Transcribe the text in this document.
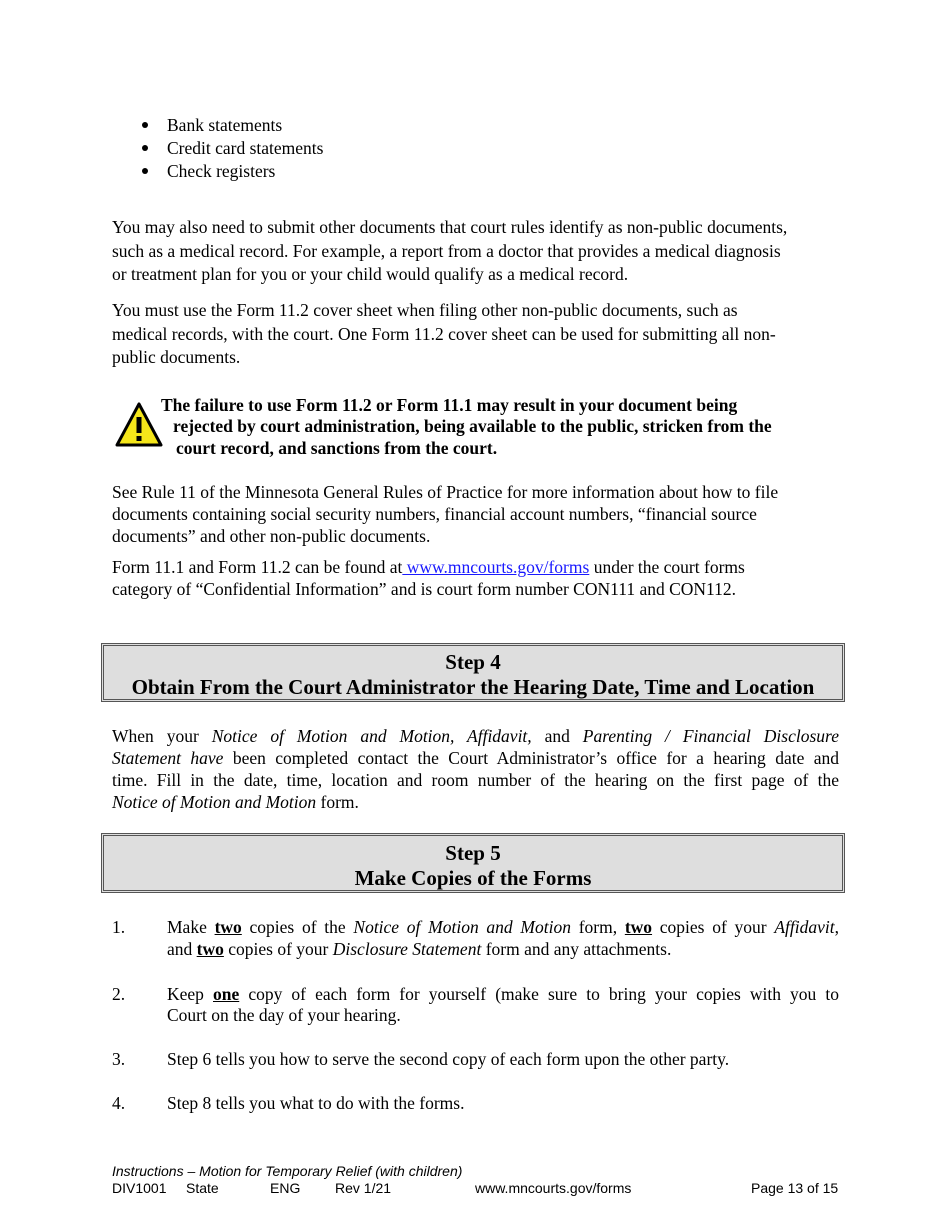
Bank statements
Credit card statements
Check registers
You may also need to submit other documents that court rules identify as non-public documents,
such as a medical record. For example, a report from a doctor that provides a medical diagnosis
or treatment plan for you or your child would qualify as a medical record.
You must use the Form 11.2 cover sheet when filing other non-public documents, such as
medical records, with the court. One Form 11.2 cover sheet can be used for submitting all non-
public documents.
The failure to use Form 11.2 or Form 11.1 may result in your document being
rejected by court administration, being available to the public, stricken from the
court record, and sanctions from the court.
See Rule 11 of the Minnesota General Rules of Practice for more information about how to file
documents containing social security numbers, financial account numbers, “financial source
documents” and other non-public documents.
Form 11.1 and Form 11.2 can be found at www.mncourts.gov/forms under the court forms
category of “Confidential Information” and is court form number CON111 and CON112.
Step 4
Obtain From the Court Administrator the Hearing Date, Time and Location
When your Notice of Motion and Motion, Affidavit, and Parenting / Financial Disclosure
Statement have been completed contact the Court Administrator’s office for a hearing date and
time. Fill in the date, time, location and room number of the hearing on the first page of the
Notice of Motion and Motion form.
Step 5
Make Copies of the Forms
1. Make two copies of the Notice of Motion and Motion form, two copies of your Affidavit,
and two copies of your Disclosure Statement form and any attachments.
2. Keep one copy of each form for yourself (make sure to bring your copies with you to
Court on the day of your hearing.
3. Step 6 tells you how to serve the second copy of each form upon the other party.
4. Step 8 tells you what to do with the forms.
Instructions – Motion for Temporary Relief (with children)
DIV1001 State	ENG Rev 1/21	www.mncourts.gov/forms	Page 13 of 15
